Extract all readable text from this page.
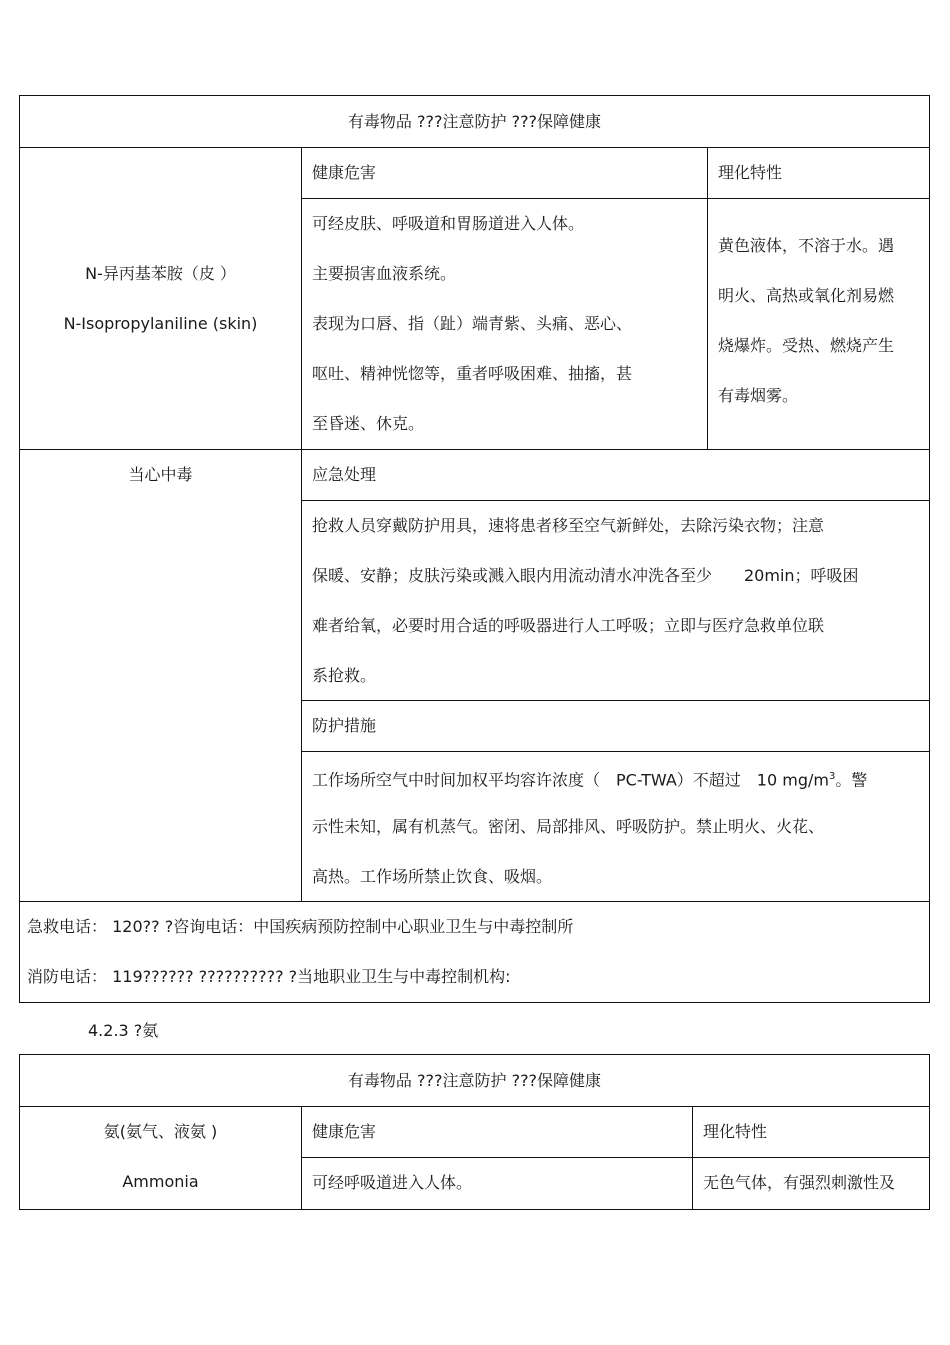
有毒物品 ???注意防护 ???保障健康
N-异丙基苯胺（皮 ）
N-Isopropylaniline (skin)
健康危害
可经皮肤、呼吸道和胃肠道进入人体。
主要损害血液系统。
表现为口唇、指（趾）端青紫、头痛、恶心、
呕吐、精神恍惚等，重者呼吸困难、抽搐，甚
至昏迷、休克。
理化特性
黄色液体，不溶于水。遇
明火、高热或氧化剂易燃
烧爆炸。受热、燃烧产生
有毒烟雾。
当心中毒	应急处理
抢救人员穿戴防护用具，速将患者移至空气新鲜处，去除污染衣物；注意
保暖、安静；皮肤污染或溅入眼内用流动清水冲洗各至少　　20min；呼吸困
难者给氧，必要时用合适的呼吸器进行人工呼吸；立即与医疗急救单位联
系抢救。
防护措施
工作场所空气中时间加权平均容许浓度（　PC-TWA）不超过　10 $mg/m^3$。警
示性未知，属有机蒸气。密闭、局部排风、呼吸防护。禁止明火、火花、
高热。工作场所禁止饮食、吸烟。
急救电话： 120?? ?咨询电话：中国疾病预防控制中心职业卫生与中毒控制所
消防电话： 119?????? ?????????? ?当地职业卫生与中毒控制机构:
4.2.3 ?氨
有毒物品 ???注意防护 ???保障健康
氨(氨气、液氨 )
Ammonia
健康危害
可经呼吸道进入人体。
理化特性
无色气体，有强烈刺激性及
